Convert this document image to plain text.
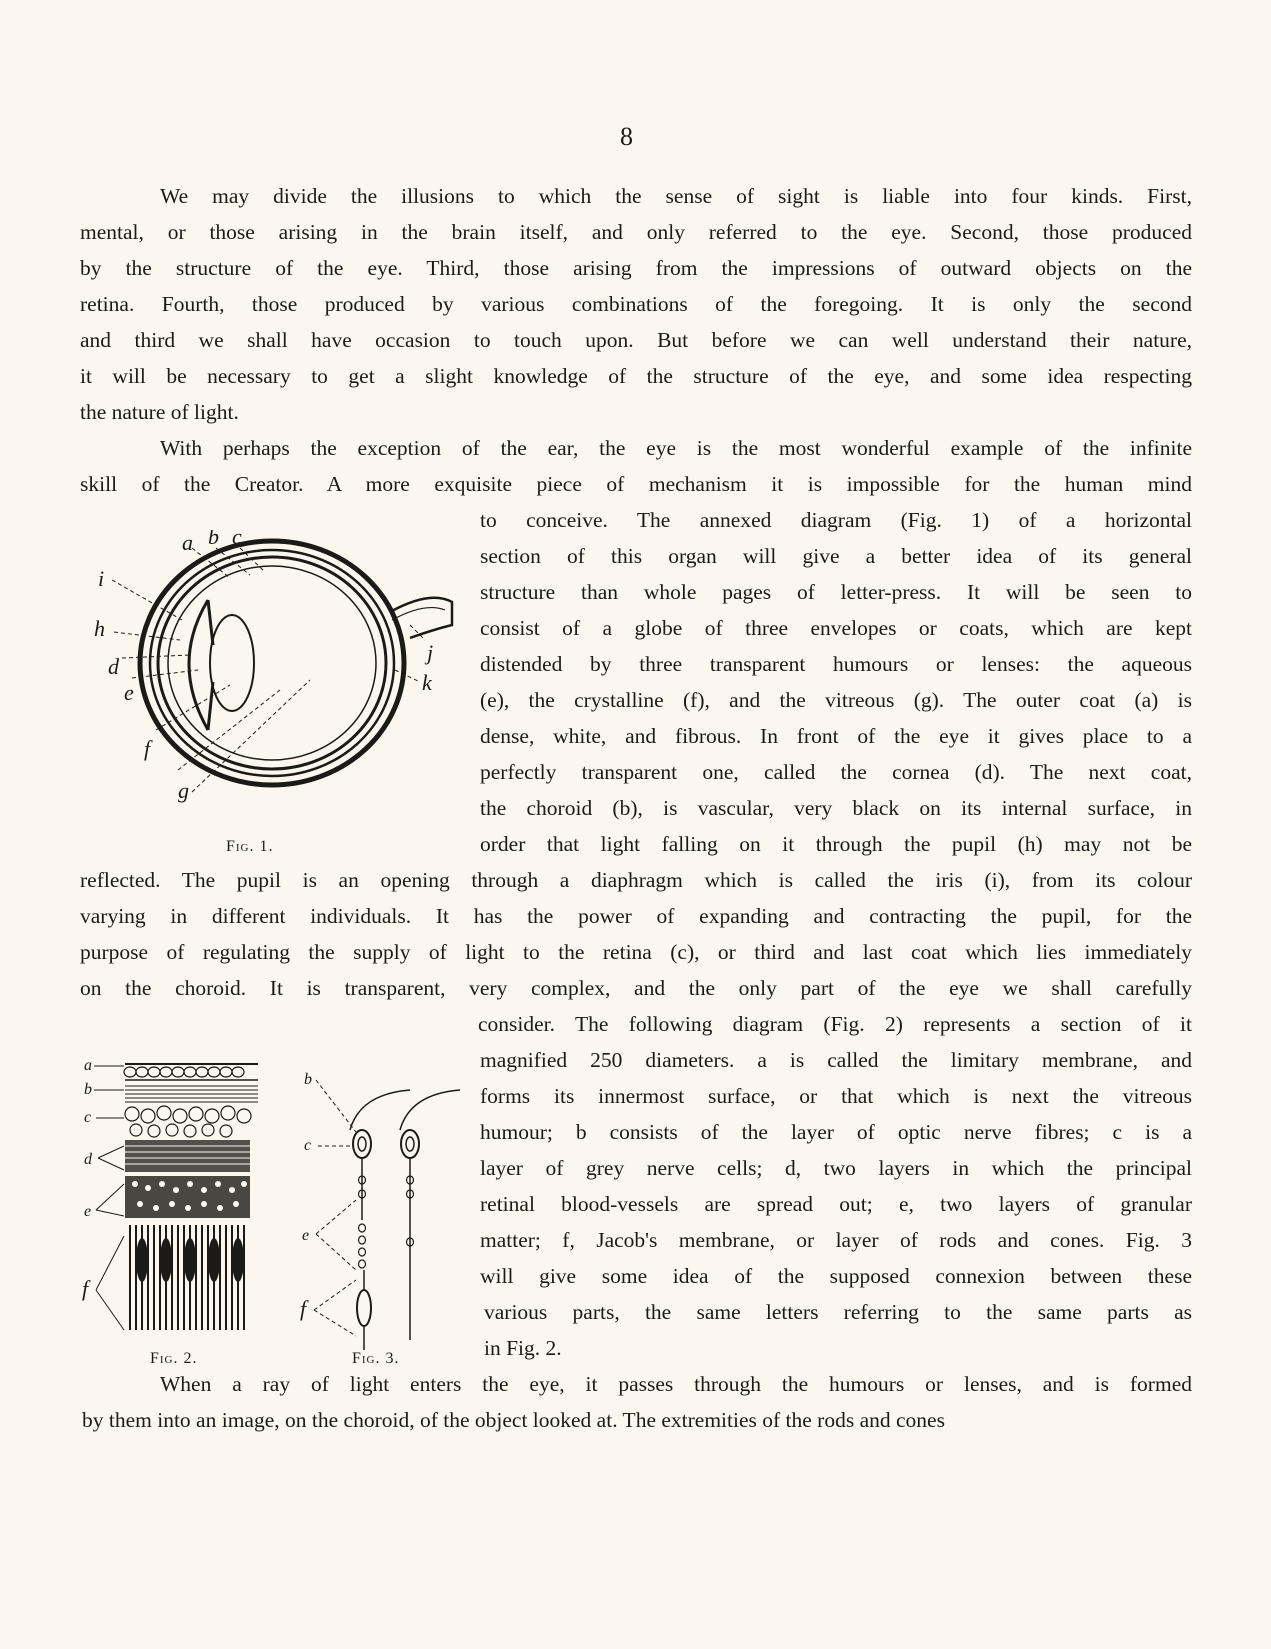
8
We may divide the illusions to which the sense of sight is liable into four kinds. First,
mental, or those arising in the brain itself, and only referred to the eye. Second, those produced
by the structure of the eye. Third, those arising from the impressions of outward objects on the
retina. Fourth, those produced by various combinations of the foregoing. It is only the second
and third we shall have occasion to touch upon. But before we can well understand their nature,
it will be necessary to get a slight knowledge of the structure of the eye, and some idea respecting
the nature of light.
With perhaps the exception of the ear, the eye is the most wonderful example of the infinite
skill of the Creator. A more exquisite piece of mechanism it is impossible for the human mind
to conceive. The annexed diagram (Fig. 1) of a horizontal
section of this organ will give a better idea of its general
structure than whole pages of letter-press. It will be seen to
consist of a globe of three envelopes or coats, which are kept
distended by three transparent humours or lenses: the aqueous
(e), the crystalline (f), and the vitreous (g). The outer coat (a) is
dense, white, and fibrous. In front of the eye it gives place to a
perfectly transparent one, called the cornea (d). The next coat,
the choroid (b), is vascular, very black on its internal surface, in
order that light falling on it through the pupil (h) may not be
reflected. The pupil is an opening through a diaphragm which is called the iris (i), from its colour
varying in different individuals. It has the power of expanding and contracting the pupil, for the
purpose of regulating the supply of light to the retina (c), or third and last coat which lies immediately
on the choroid. It is transparent, very complex, and the only part of the eye we shall carefully
consider. The following diagram (Fig. 2) represents a section of it
magnified 250 diameters. a is called the limitary membrane, and
forms its innermost surface, or that which is next the vitreous
humour; b consists of the layer of optic nerve fibres; c is a
layer of grey nerve cells; d, two layers in which the principal
retinal blood-vessels are spread out; e, two layers of granular
matter; f, Jacob's membrane, or layer of rods and cones. Fig. 3
will give some idea of the supposed connexion between these
various parts, the same letters referring to the same parts as
in Fig. 2.
When a ray of light enters the eye, it passes through the humours or lenses, and is formed
by them into an image, on the choroid, of the object looked at. The extremities of the rods and cones
a b c
i
h
d
e
f
g
j
k
Fig. 1.
a
b
c
d
e
f
Fig. 2.
b
c
e
f
Fig. 3.
